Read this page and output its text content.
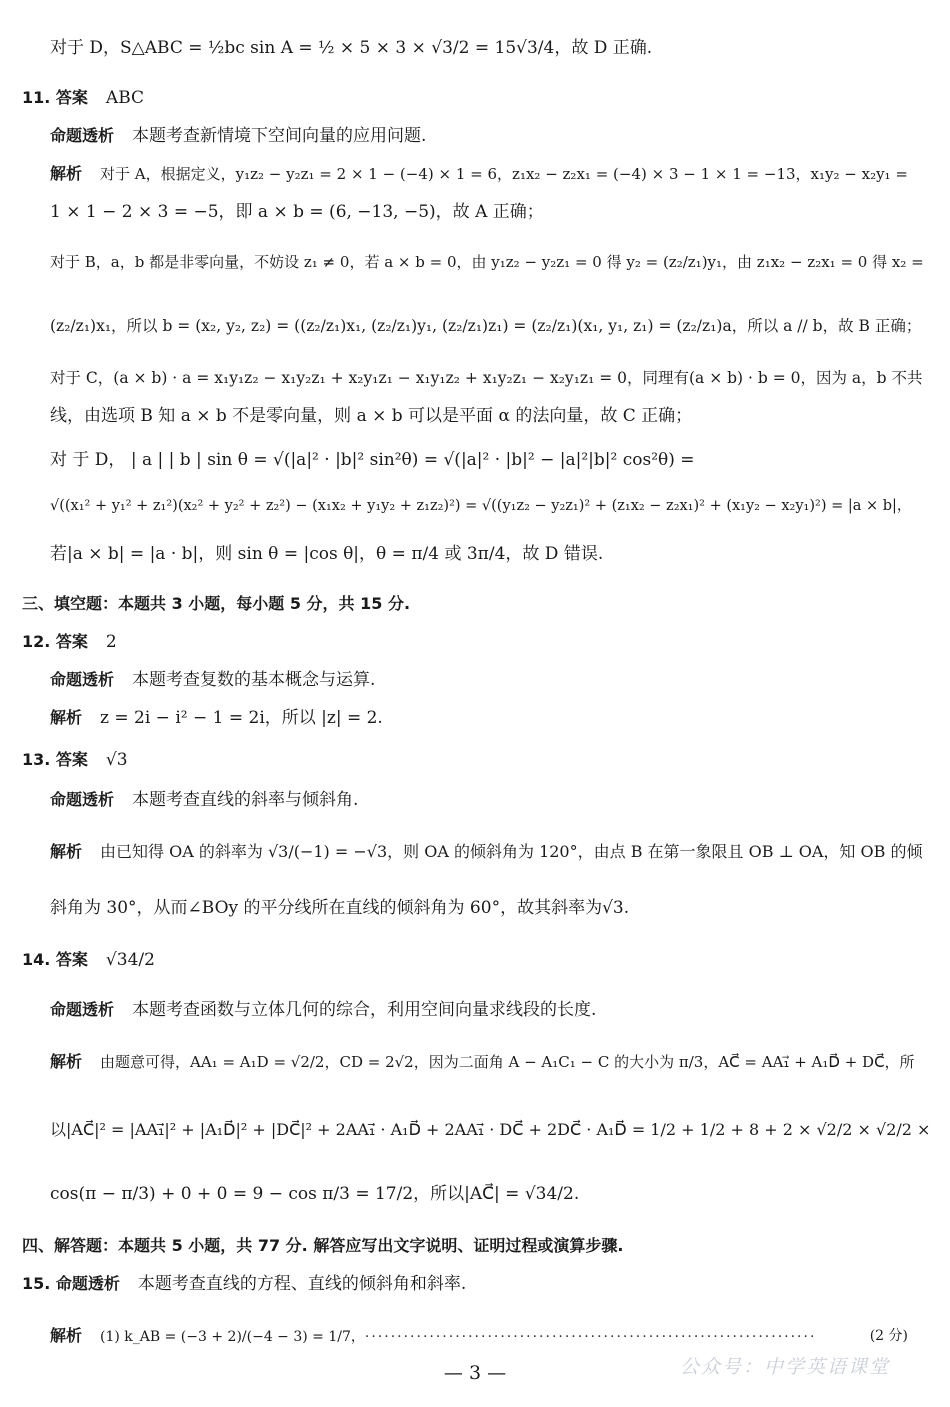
对于 D，S△ABC = ½bc sin A = ½ × 5 × 3 × √3/2 = 15√3/4，故 D 正确.
11. 答案 ABC
命题透析 本题考查新情境下空间向量的应用问题.
解析 对于 A，根据定义，y₁z₂ − y₂z₁ = 2 × 1 − (−4) × 1 = 6，z₁x₂ − z₂x₁ = (−4) × 3 − 1 × 1 = −13，x₁y₂ − x₂y₁ =
1 × 1 − 2 × 3 = −5，即 a × b = (6, −13, −5)，故 A 正确；
对于 B，a，b 都是非零向量，不妨设 z₁ ≠ 0，若 a × b = 0，由 y₁z₂ − y₂z₁ = 0 得 y₂ = (z₂/z₁)y₁，由 z₁x₂ − z₂x₁ = 0 得 x₂ =
(z₂/z₁)x₁，所以 b = (x₂, y₂, z₂) = ((z₂/z₁)x₁, (z₂/z₁)y₁, (z₂/z₁)z₁) = (z₂/z₁)(x₁, y₁, z₁) = (z₂/z₁)a，所以 a // b，故 B 正确；
对于 C，(a × b) · a = x₁y₁z₂ − x₁y₂z₁ + x₂y₁z₁ − x₁y₁z₂ + x₁y₂z₁ − x₂y₁z₁ = 0，同理有(a × b) · b = 0，因为 a，b 不共
线，由选项 B 知 a × b 不是零向量，则 a × b 可以是平面 α 的法向量，故 C 正确；
对 于 D， | a | | b | sin θ = √(|a|² · |b|² sin²θ) = √(|a|² · |b|² − |a|²|b|² cos²θ) =
√((x₁² + y₁² + z₁²)(x₂² + y₂² + z₂²) − (x₁x₂ + y₁y₂ + z₁z₂)²) = √((y₁z₂ − y₂z₁)² + (z₁x₂ − z₂x₁)² + (x₁y₂ − x₂y₁)²) = |a × b|，
若|a × b| = |a · b|，则 sin θ = |cos θ|，θ = π/4 或 3π/4，故 D 错误.
三、填空题：本题共 3 小题，每小题 5 分，共 15 分.
12. 答案 2
命题透析 本题考查复数的基本概念与运算.
解析 z = 2i − i² − 1 = 2i，所以 |z| = 2.
13. 答案 √3
命题透析 本题考查直线的斜率与倾斜角.
解析 由已知得 OA 的斜率为 √3/(−1) = −√3，则 OA 的倾斜角为 120°，由点 B 在第一象限且 OB ⊥ OA，知 OB 的倾
斜角为 30°，从而∠BOy 的平分线所在直线的倾斜角为 60°，故其斜率为√3.
14. 答案 √34/2
命题透析 本题考查函数与立体几何的综合，利用空间向量求线段的长度.
解析 由题意可得，AA₁ = A₁D = √2/2，CD = 2√2，因为二面角 A − A₁C₁ − C 的大小为 π/3，AC⃗ = AA₁⃗ + A₁D⃗ + DC⃗，所
以|AC⃗|² = |AA₁⃗|² + |A₁D⃗|² + |DC⃗|² + 2AA₁⃗ · A₁D⃗ + 2AA₁⃗ · DC⃗ + 2DC⃗ · A₁D⃗ = 1/2 + 1/2 + 8 + 2 × √2/2 × √2/2 ×
cos(π − π/3) + 0 + 0 = 9 − cos π/3 = 17/2，所以|AC⃗| = √34/2.
四、解答题：本题共 5 小题，共 77 分. 解答应写出文字说明、证明过程或演算步骤.
15. 命题透析 本题考查直线的方程、直线的倾斜角和斜率.
解析 (1) k_AB = (−3 + 2)/(−4 − 3) = 1/7，······································································	(2 分)
— 3 —	公众号：中学英语课堂
